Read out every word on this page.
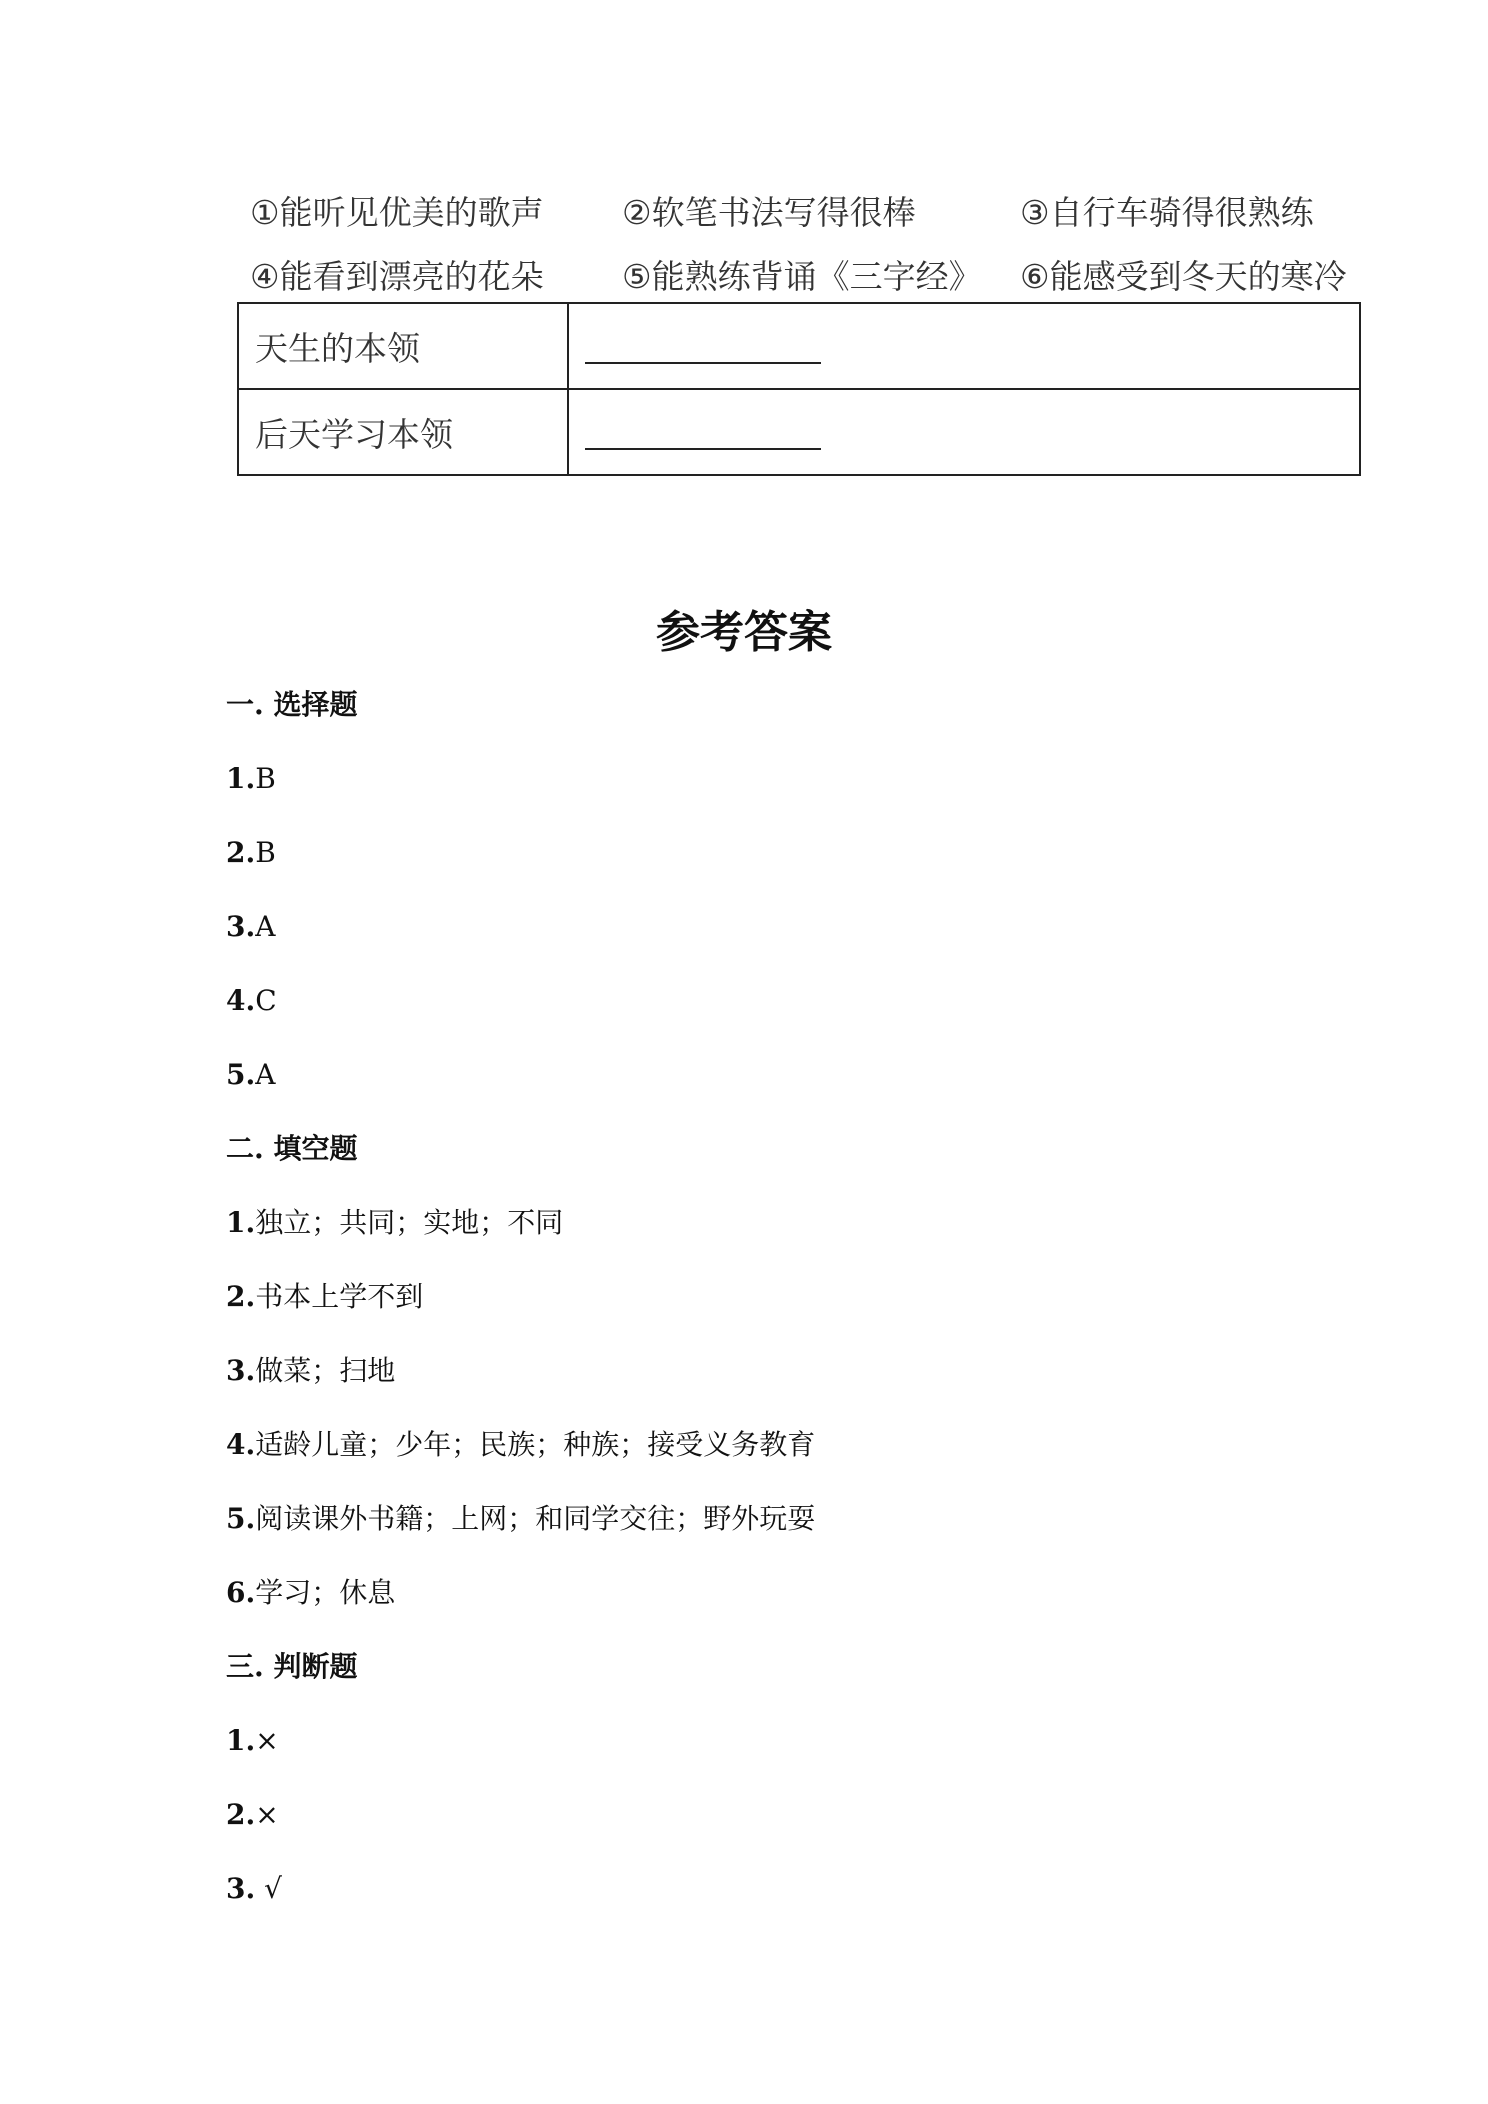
①能听见优美的歌声	②软笔书法写得很棒	③自行车骑得很熟练
④能看到漂亮的花朵	⑤能熟练背诵《三字经》	⑥能感受到冬天的寒冷
天生的本领	
后天学习本领	
参考答案
一. 选择题
1.B
2.B
3.A
4.C
5.A
二. 填空题
1.独立；共同；实地；不同
2.书本上学不到
3.做菜；扫地
4.适龄儿童；少年；民族；种族；接受义务教育
5.阅读课外书籍；上网；和同学交往；野外玩耍
6.学习；休息
三. 判断题
1.×
2.×
3. √
